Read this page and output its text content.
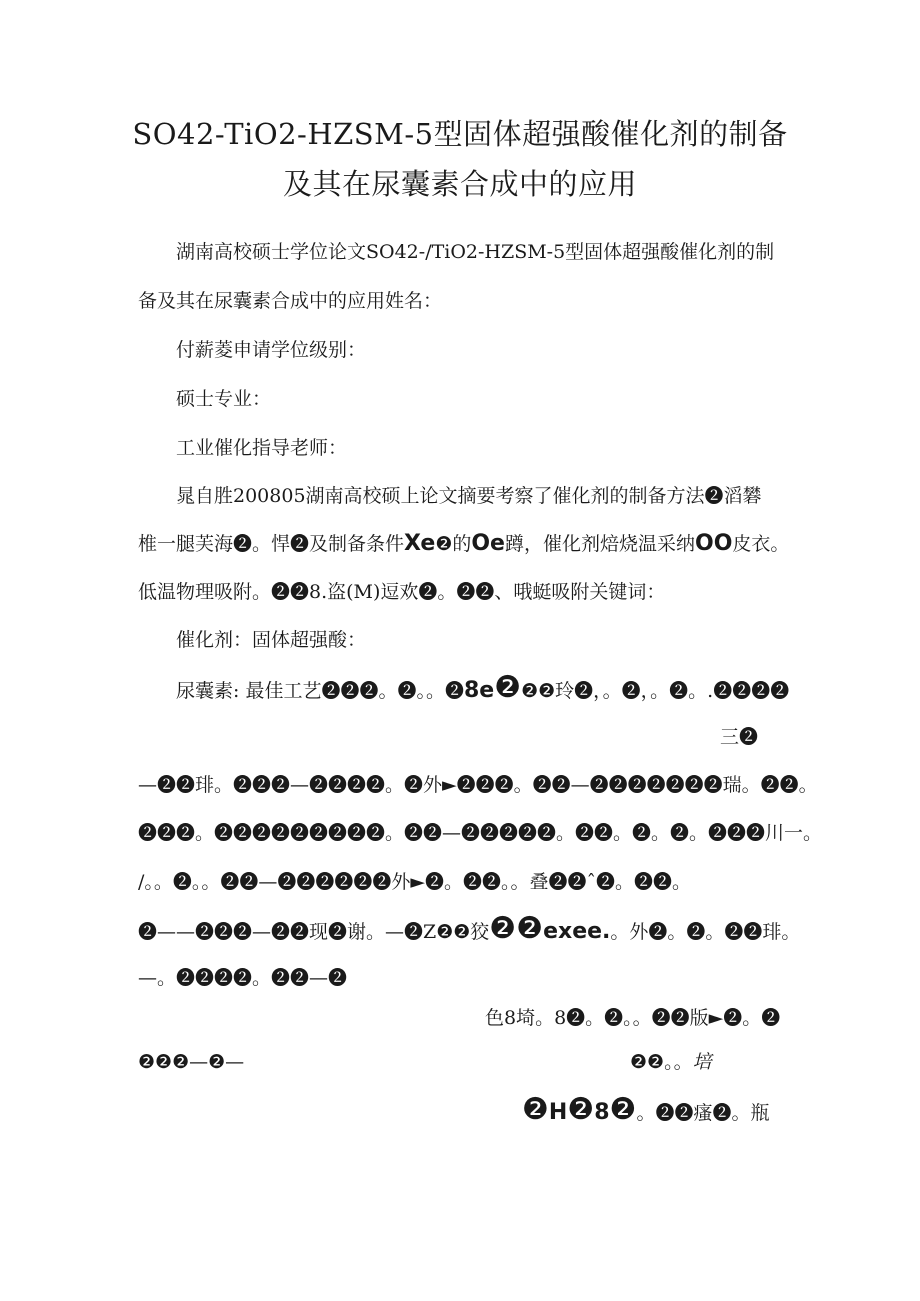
SO42-TiO2-HZSM-5型固体超强酸催化剂的制备
及其在尿囊素合成中的应用
湖南高校硕士学位论文SO42-/TiO2-HZSM-5型固体超强酸催化剂的制
备及其在尿囊素合成中的应用姓名：
付薪菱申请学位级别：
硕士专业：
工业催化指导老师：
晁自胜200805湖南高校硕上论文摘要考察了催化剂的制备方法❷滔礬
椎一腿芙海❷。悍❷及制备条件Xe❷的Oe蹲，催化剂焙烧温采纳OO皮衣。
低温物理吸附。❷❷8.盗(M)逗欢❷。❷❷、哦蜓吸附关键词：
催化剂：固体超强酸：
尿囊素: 最佳工艺❷❷❷。❷。。❷8e❷❷❷玲❷，。❷，。❷。.❷❷❷❷
三❷
—❷❷琲。❷❷❷—❷❷❷❷。❷外►❷❷❷。❷❷—❷❷❷❷❷❷❷瑞。❷❷。
❷❷❷。❷❷❷❷❷❷❷❷❷。❷❷—❷❷❷❷❷。❷❷。❷。❷。❷❷❷川一。
/。。❷。。❷❷—❷❷❷❷❷❷外►❷。❷❷。。叠❷❷ˆ❷。❷❷。
❷——❷❷❷—❷❷现❷谢。—❷Z❷❷狡❷❷exee.。外❷。❷。❷❷琲。
—。❷❷❷❷。❷❷—❷
色8埼。8❷。❷。。❷❷版►❷。❷
❷❷❷—❷—	❷❷。。培
❷H❷8❷。❷❷瘙❷。瓶
